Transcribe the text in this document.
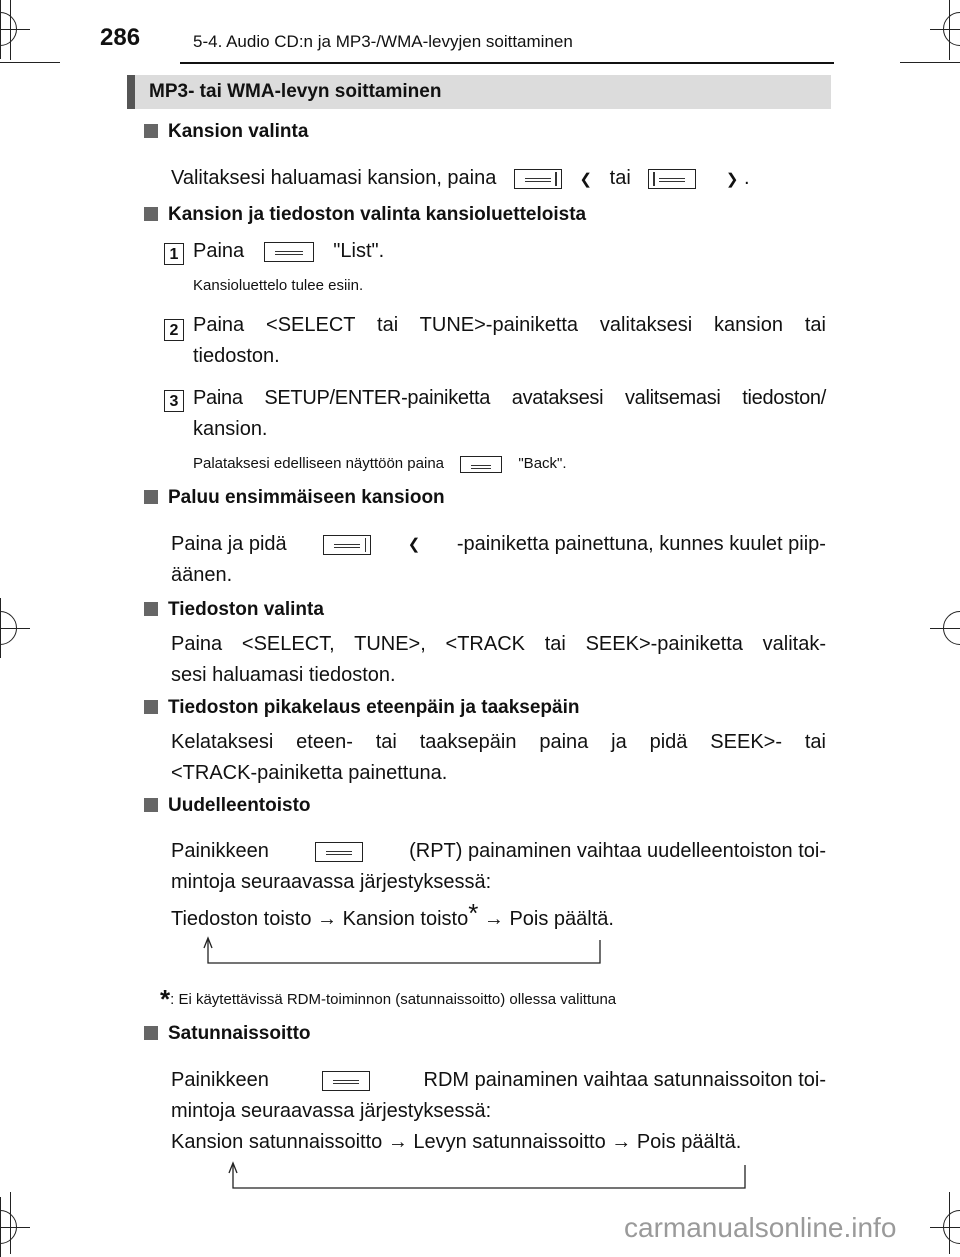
286	5-4. Audio CD:n ja MP3-/WMA-levyjen soittaminen
MP3- tai WMA-levyn soittaminen
Kansion valinta
Valitaksesi haluamasi kansion, paina	❮ tai	❯ .
Kansion ja tiedoston valinta kansioluetteloista
1 Paina	"List".
Kansioluettelo tulee esiin.
2 Paina <SELECT tai TUNE>-painiketta valitaksesi kansion tai
tiedoston.
3 Paina SETUP/ENTER-painiketta avataksesi valitsemasi tiedoston/
kansion.
Palataksesi edelliseen näyttöön paina	"Back".
Paluu ensimmäiseen kansioon
Paina ja pidä	❮ -painiketta painettuna, kunnes kuulet piip-
äänen.
Tiedoston valinta
Paina <SELECT, TUNE>, <TRACK tai SEEK>-painiketta valitak-
sesi haluamasi tiedoston.
Tiedoston pikakelaus eteenpäin ja taaksepäin
Kelataksesi eteen- tai taaksepäin paina ja pidä SEEK>- tai
<TRACK-painiketta painettuna.
Uudelleentoisto
Painikkeen	(RPT) painaminen vaihtaa uudelleentoiston toi-
mintoja seuraavassa järjestyksessä:
Tiedoston toisto → Kansion toisto* → Pois päältä.
*: Ei käytettävissä RDM-toiminnon (satunnaissoitto) ollessa valittuna
Satunnaissoitto
Painikkeen	RDM painaminen vaihtaa satunnaissoiton toi-
mintoja seuraavassa järjestyksessä:
Kansion satunnaissoitto → Levyn satunnaissoitto → Pois päältä.
carmanualsonline.info
